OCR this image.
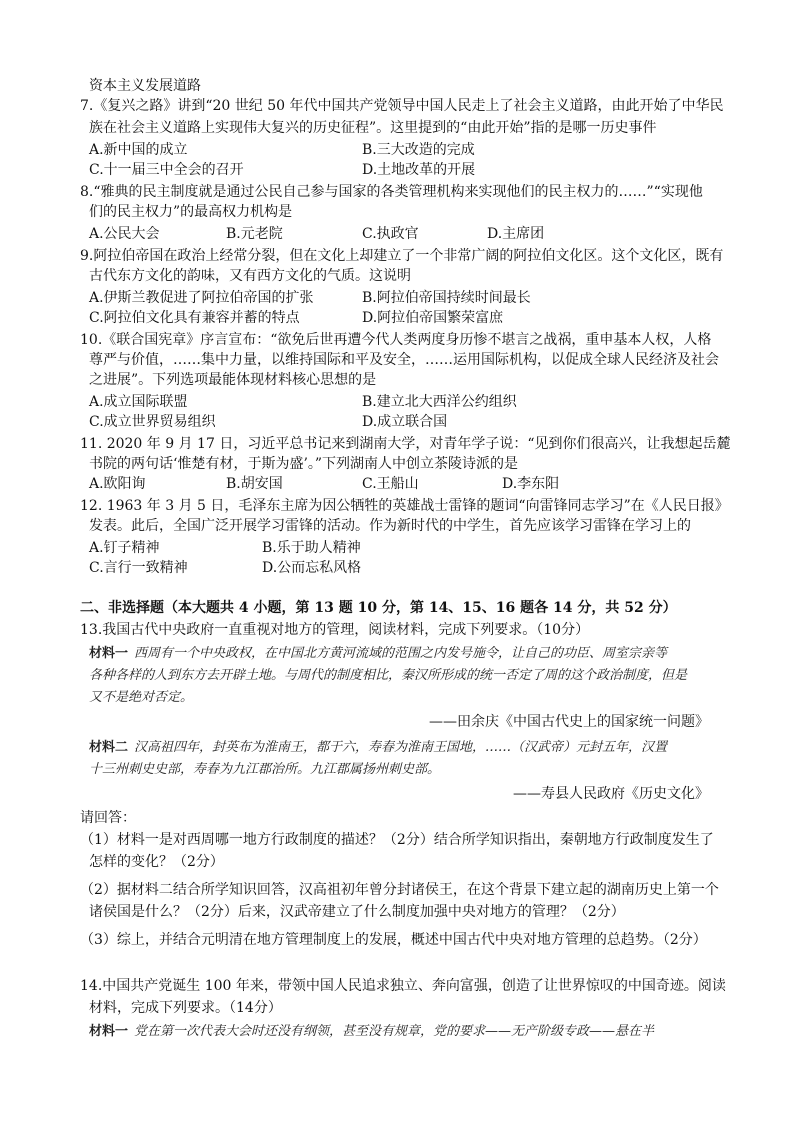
资本主义发展道路
7.《复兴之路》讲到“20 世纪 50 年代中国共产党领导中国人民走上了社会主义道路，由此开始了中华民
族在社会主义道路上实现伟大复兴的历史征程”。这里提到的“由此开始”指的是哪一历史事件
A.新中国的成立	B.三大改造的完成
C.十一届三中全会的召开	D.土地改革的开展
8.“雅典的民主制度就是通过公民自己参与国家的各类管理机构来实现他们的民主权力的……”“实现他
们的民主权力”的最高权力机构是
A.公民大会	B.元老院	C.执政官	D.主席团
9.阿拉伯帝国在政治上经常分裂，但在文化上却建立了一个非常广阔的阿拉伯文化区。这个文化区，既有
古代东方文化的韵味，又有西方文化的气质。这说明
A.伊斯兰教促进了阿拉伯帝国的扩张	B.阿拉伯帝国持续时间最长
C.阿拉伯文化具有兼容并蓄的特点	D.阿拉伯帝国繁荣富庶
10.《联合国宪章》序言宣布：“欲免后世再遭今代人类两度身历惨不堪言之战祸，重申基本人权，人格
尊严与价值，……集中力量，以维持国际和平及安全，……运用国际机构，以促成全球人民经济及社会
之进展”。下列选项最能体现材料核心思想的是
A.成立国际联盟	B.建立北大西洋公约组织
C.成立世界贸易组织	D.成立联合国
11. 2020 年 9 月 17 日，习近平总书记来到湖南大学，对青年学子说：“见到你们很高兴，让我想起岳麓
书院的两句话‘惟楚有材，于斯为盛’。”下列湖南人中创立茶陵诗派的是
A.欧阳询	B.胡安国	C.王船山	D.李东阳
12. 1963 年 3 月 5 日，毛泽东主席为因公牺牲的英雄战士雷锋的题词“向雷锋同志学习”在《人民日报》
发表。此后，全国广泛开展学习雷锋的活动。作为新时代的中学生，首先应该学习雷锋在学习上的
A.钉子精神	B.乐于助人精神
C.言行一致精神	D.公而忘私风格
二、非选择题（本大题共 4 小题，第 13 题 10 分，第 14、15、16 题各 14 分，共 52 分）
13.我国古代中央政府一直重视对地方的管理，阅读材料，完成下列要求。（10分）
材料一 西周有一个中央政权，在中国北方黄河流域的范围之内发号施令，让自己的功臣、周室宗亲等
各种各样的人到东方去开辟土地。与周代的制度相比，秦汉所形成的统一否定了周的这个政治制度，但是
又不是绝对否定。
——田余庆《中国古代史上的国家统一问题》
材料二 汉高祖四年，封英布为淮南王，都于六，寿春为淮南王国地，……（汉武帝）元封五年，汉置
十三州刺史史部，寿春为九江郡治所。九江郡属扬州刺史部。
——寿县人民政府《历史文化》
请回答：
（1）材料一是对西周哪一地方行政制度的描述？（2分）结合所学知识指出，秦朝地方行政制度发生了
怎样的变化？（2分）
（2）据材料二结合所学知识回答，汉高祖初年曾分封诸侯王，在这个背景下建立起的湖南历史上第一个
诸侯国是什么？（2分）后来，汉武帝建立了什么制度加强中央对地方的管理？（2分）
（3）综上，并结合元明清在地方管理制度上的发展，概述中国古代中央对地方管理的总趋势。（2分）
14.中国共产党诞生 100 年来，带领中国人民追求独立、奔向富强，创造了让世界惊叹的中国奇迹。阅读
材料，完成下列要求。（14分）
材料一 党在第一次代表大会时还没有纲领，甚至没有规章，党的要求——无产阶级专政——悬在半
